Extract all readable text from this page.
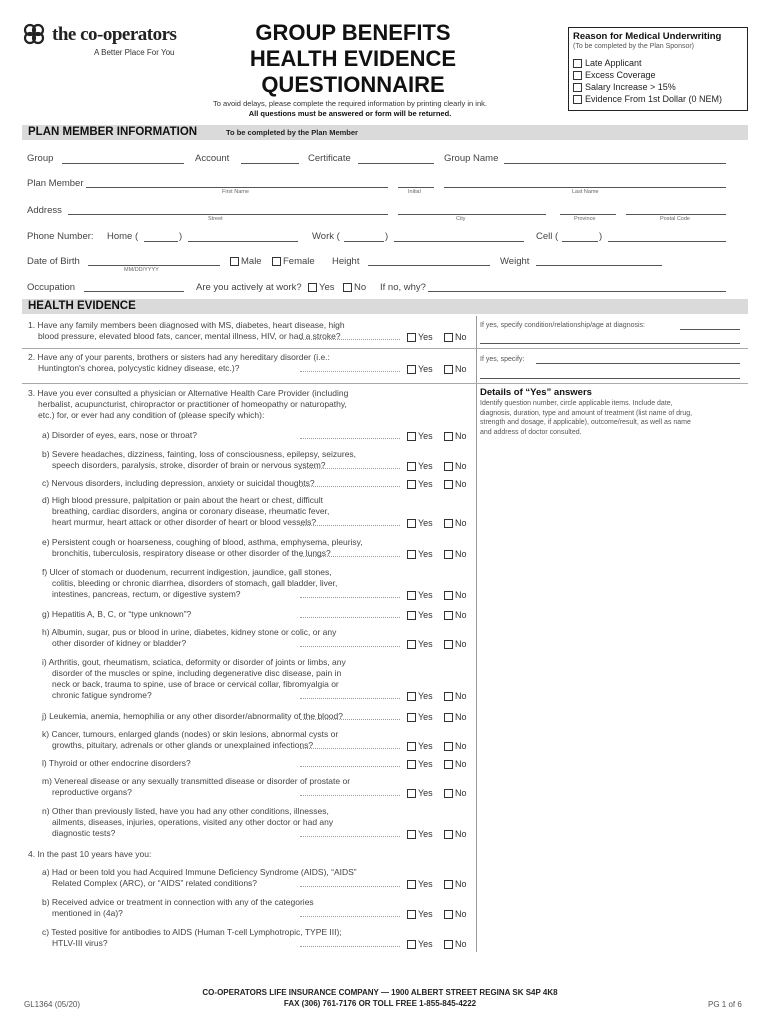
the co-operators
A Better Place For You
GROUP BENEFITS
HEALTH EVIDENCE
QUESTIONNAIRE
Reason for Medical Underwriting
(To be completed by the Plan Sponsor)
Late Applicant
Excess Coverage
Salary Increase > 15%
Evidence From 1st Dollar (0 NEM)
To avoid delays, please complete the required information by printing clearly in ink.
All questions must be answered or form will be returned.
PLAN MEMBER INFORMATION	To be completed by the Plan Member
Group	Account	Certificate	Group Name
Plan Member
First Name	Initial	Last Name
Address
Street	City	Province	Postal Code
Phone Number: Home (	)	Work (	)	Cell (	)
Date of Birth
MM/DD/YYYY
Male Female Height	Weight
Occupation	Are you actively at work? Yes No If no, why?
HEALTH EVIDENCE
If yes, specify condition/relationship/age at diagnosis:
If yes, specify:
Details of “Yes” answers
Identify question number, circle applicable items. Include date,
diagnosis, duration, type and amount of treatment (list name of drug,
strength and dosage, if applicable), outcome/result, as well as name
and address of doctor consulted.
1. Have any family members been diagnosed with MS, diabetes, heart disease, high
blood pressure, elevated blood fats, cancer, mental illness, HIV, or had a stroke?	Yes No
2. Have any of your parents, brothers or sisters had any hereditary disorder (i.e.:
Huntington's chorea, polycystic kidney disease, etc.)?	Yes No
3. Have you ever consulted a physician or Alternative Health Care Provider (including
herbalist, acupuncturist, chiropractor or practitioner of homeopathy or naturopathy,
etc.) for, or ever had any condition of (please specify which):
a) Disorder of eyes, ears, nose or throat?	Yes No
b) Severe headaches, dizziness, fainting, loss of consciousness, epilepsy, seizures,
speech disorders, paralysis, stroke, disorder of brain or nervous system?	Yes No
c) Nervous disorders, including depression, anxiety or suicidal thoughts?	Yes No
d) High blood pressure, palpitation or pain about the heart or chest, difficult
breathing, cardiac disorders, angina or coronary disease, rheumatic fever,
heart murmur, heart attack or other disorder of heart or blood vessels?	Yes No
e) Persistent cough or hoarseness, coughing of blood, asthma, emphysema, pleurisy,
bronchitis, tuberculosis, respiratory disease or other disorder of the lungs?	Yes No
f) Ulcer of stomach or duodenum, recurrent indigestion, jaundice, gall stones,
colitis, bleeding or chronic diarrhea, disorders of stomach, gall bladder, liver,
intestines, pancreas, rectum, or digestive system?	Yes No
g) Hepatitis A, B, C, or “type unknown”?	Yes No
h) Albumin, sugar, pus or blood in urine, diabetes, kidney stone or colic, or any
other disorder of kidney or bladder?	Yes No
i) Arthritis, gout, rheumatism, sciatica, deformity or disorder of joints or limbs, any
disorder of the muscles or spine, including degenerative disc disease, pain in
neck or back, trauma to spine, use of brace or cervical collar, fibromyalgia or
chronic fatigue syndrome?	Yes No
j) Leukemia, anemia, hemophilia or any other disorder/abnormality of the blood?	Yes No
k) Cancer, tumours, enlarged glands (nodes) or skin lesions, abnormal cysts or
growths, pituitary, adrenals or other glands or unexplained infections?	Yes No
l) Thyroid or other endocrine disorders?	Yes No
m) Venereal disease or any sexually transmitted disease or disorder of prostate or
reproductive organs?	Yes No
n) Other than previously listed, have you had any other conditions, illnesses,
ailments, diseases, injuries, operations, visited any other doctor or had any
diagnostic tests?	Yes No
4. In the past 10 years have you:
a) Had or been told you had Acquired Immune Deficiency Syndrome (AIDS), “AIDS”
Related Complex (ARC), or “AIDS” related conditions?	Yes No
b) Received advice or treatment in connection with any of the categories
mentioned in (4a)?	Yes No
c) Tested positive for antibodies to AIDS (Human T-cell Lymphotropic, TYPE III);
HTLV-III virus?	Yes No
CO-OPERATORS LIFE INSURANCE COMPANY — 1900 ALBERT STREET REGINA SK S4P 4K8
FAX (306) 761-7176 OR TOLL FREE 1-855-845-4222
GL1364 (05/20)	PG 1 of 6
